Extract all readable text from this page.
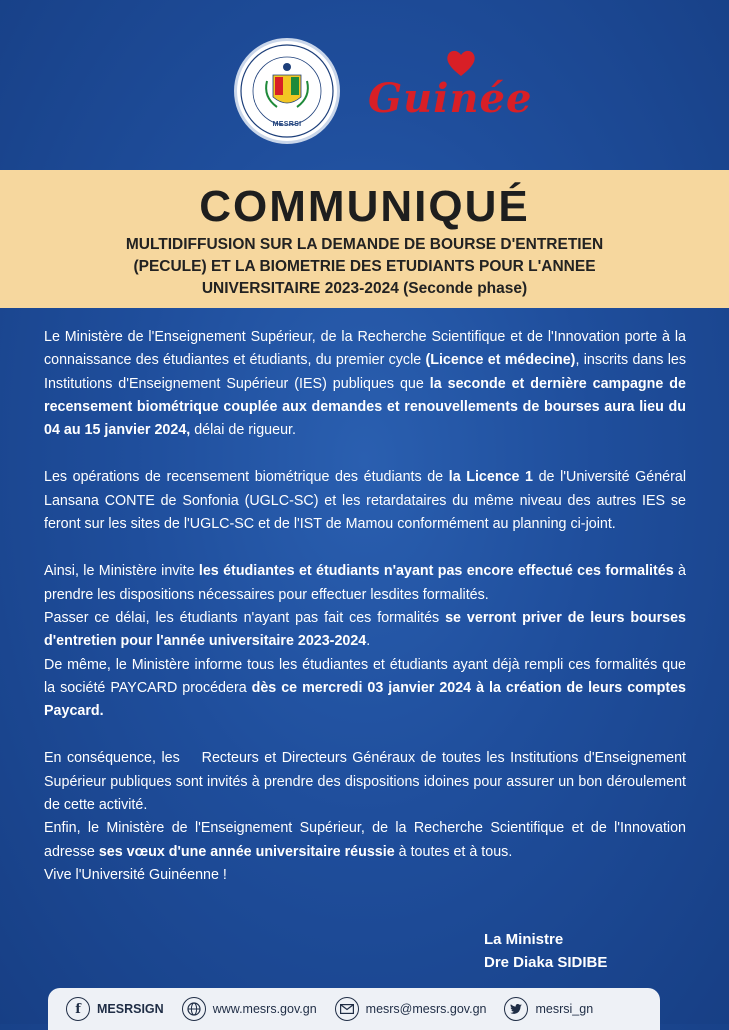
MESRSI
Guinée
COMMUNIQUÉ
MULTIDIFFUSION SUR LA DEMANDE DE BOURSE D'ENTRETIEN
(PECULE) ET LA BIOMETRIE DES ETUDIANTS POUR L'ANNEE
UNIVERSITAIRE 2023-2024 (Seconde phase)

Le Ministère de l'Enseignement Supérieur, de la Recherche Scientifique et de l'Innovation porte à la connaissance des étudiantes et étudiants, du premier cycle (Licence et médecine), inscrits dans les Institutions d'Enseignement Supérieur (IES) publiques que la seconde et dernière campagne de recensement biométrique couplée aux demandes et renouvellements de bourses aura lieu du 04 au 15 janvier 2024, délai de rigueur.

Les opérations de recensement biométrique des étudiants de la Licence 1 de l'Université Général Lansana CONTE de Sonfonia (UGLC-SC) et les retardataires du même niveau des autres IES se feront sur les sites de l'UGLC-SC et de l'IST de Mamou conformément au planning ci-joint.

Ainsi, le Ministère invite les étudiantes et étudiants n'ayant pas encore effectué ces formalités à prendre les dispositions nécessaires pour effectuer lesdites formalités.

Passer ce délai, les étudiants n'ayant pas fait ces formalités se verront priver de leurs bourses d'entretien pour l'année universitaire 2023-2024.

De même, le Ministère informe tous les étudiantes et étudiants ayant déjà rempli ces formalités que la société PAYCARD procédera dès ce mercredi 03 janvier 2024 à la création de leurs comptes Paycard.

En conséquence, les    Recteurs et Directeurs Généraux de toutes les Institutions d'Enseignement Supérieur publiques sont invités à prendre des dispositions idoines pour assurer un bon déroulement de cette activité.

Enfin, le Ministère de l'Enseignement Supérieur, de la Recherche Scientifique et de l'Innovation adresse ses vœux d'une année universitaire réussie à toutes et à tous.

Vive l'Université Guinéenne !

La Ministre
Dre Diaka SIDIBE
f	MESRSIGN	www.mesrs.gov.gn	mesrs@mesrs.gov.gn	mesrsi_gn
